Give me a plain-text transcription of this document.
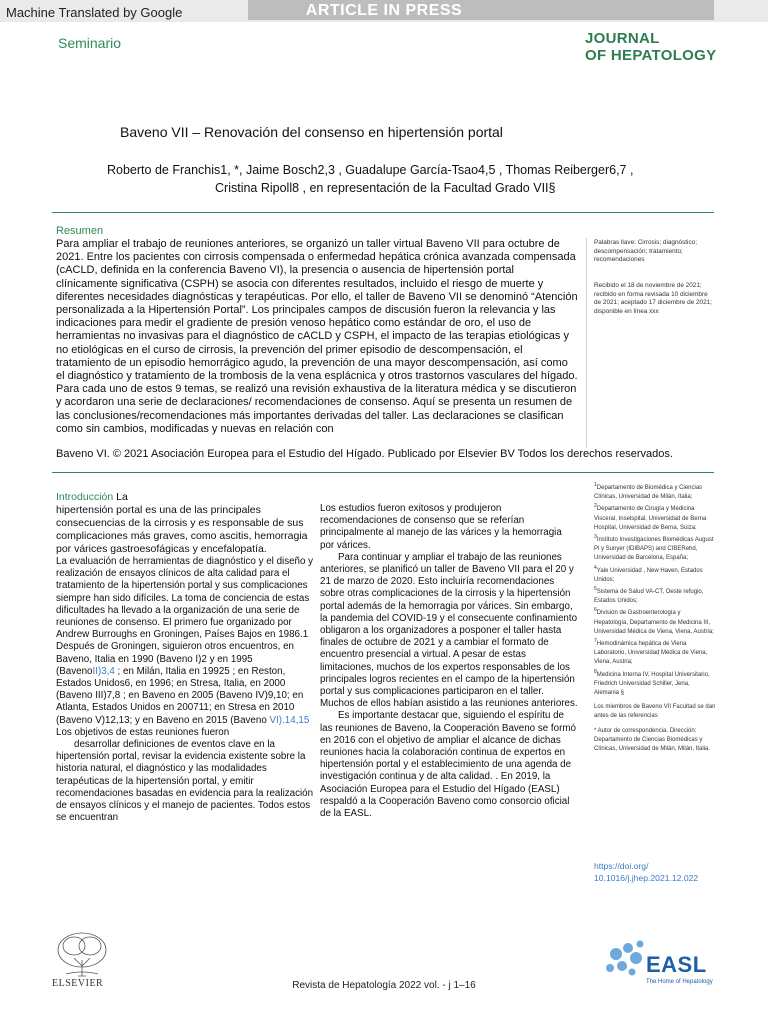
ARTICLE IN PRESS
Machine Translated by Google
Seminario	JOURNAL
OF HEPATOLOGY
Baveno VII – Renovación del consenso en hipertensión portal
Roberto de Franchis1, *, Jaime Bosch2,3 , Guadalupe García-Tsao4,5 , Thomas Reiberger6,7 ,
Cristina Ripoll8 , en representación de la Facultad Grado VII§
Resumen
Para ampliar el trabajo de reuniones anteriores, se organizó un taller virtual Baveno VII para octubre de 2021. Entre los pacientes con cirrosis compensada o enfermedad hepática crónica avanzada compensada (cACLD, definida en la conferencia Baveno VI), la presencia o ausencia de hipertensión portal clínicamente significativa (CSPH) se asocia con diferentes resultados, incluido el riesgo de muerte y diferentes necesidades diagnósticas y terapéuticas. Por ello, el taller de Baveno VII se denominó “Atención personalizada a la Hipertensión Portal”. Los principales campos de discusión fueron la relevancia y las indicaciones para medir el gradiente de presión venoso hepático como estándar de oro, el uso de herramientas no invasivas para el diagnóstico de cACLD y CSPH, el impacto de las terapias etiológicas y no etiológicas en el curso de cirrosis, la prevención del primer episodio de descompensación, el tratamiento de un episodio hemorrágico agudo, la prevención de una mayor descompensación, así como el diagnóstico y tratamiento de la trombosis de la vena esplácnica y otros trastornos vasculares del hígado. Para cada uno de estos 9 temas, se realizó una revisión exhaustiva de la literatura médica y se discutieron y acordaron una serie de declaraciones/ recomendaciones de consenso. Aquí se presenta un resumen de las conclusiones/recomendaciones más importantes derivadas del taller. Las declaraciones se clasifican como sin cambios, modificadas y nuevas en relación con
Baveno VI. © 2021 Asociación Europea para el Estudio del Hígado. Publicado por Elsevier BV Todos los derechos reservados.
Palabras llave: Cirrosis; diagnóstico; descompensación; tratamiento; recomendaciones
Recibido el 18 de noviembre de 2021; recibido en forma revisada 10 diciembre de 2021; aceptado 17 diciembre de 2021; disponible en línea xxx

Introducción La
hipertensión portal es una de las principales consecuencias de la cirrosis y es responsable de sus complicaciones más graves, como ascitis, hemorragia por várices gastroesofágicas y encefalopatía.

La evaluación de herramientas de diagnóstico y el diseño y realización de ensayos clínicos de alta calidad para el tratamiento de la hipertensión portal y sus complicaciones siempre han sido difíciles. La toma de conciencia de estas dificultades ha llevado a la organización de una serie de reuniones de consenso. El primero fue organizado por Andrew Burroughs en Groningen, Países Bajos en 1986.1 Después de Groningen, siguieron otros encuentros, en Baveno, Italia en 1990 (Baveno I)2 y en 1995 (BavenoII)3,4 ; en Milán, Italia en 19925 ; en Reston, Estados Unidos6, en 1996; en Stresa, Italia, en 2000 (Baveno III)7,8 ; en Baveno en 2005 (Baveno IV)9,10; en Atlanta, Estados Unidos en 200711; en Stresa en 2010 (Baveno V)12,13; y en Baveno en 2015 (Baveno VI).14,15 Los objetivos de estas reuniones fueron

desarrollar definiciones de eventos clave en la hipertensión portal, revisar la evidencia existente sobre la historia natural, el diagnóstico y las modalidades terapéuticas de la hipertensión portal, y emitir recomendaciones basadas en evidencia para la realización de ensayos clínicos y el manejo de pacientes. Todos estos se encuentran

Los estudios fueron exitosos y produjeron recomendaciones de consenso que se referían principalmente al manejo de las várices y la hemorragia por várices.

Para continuar y ampliar el trabajo de las reuniones anteriores, se planificó un taller de Baveno VII para el 20 y 21 de marzo de 2020. Esto incluiría recomendaciones sobre otras complicaciones de la cirrosis y la hipertensión portal además de la hemorragia por várices. Sin embargo, la pandemia del COVID-19 y el consecuente confinamiento obligaron a los organizadores a posponer el taller hasta finales de octubre de 2021 y a cambiar el formato de encuentro presencial a virtual. A pesar de estas limitaciones, muchos de los expertos responsables de los principales logros recientes en el campo de la hipertensión portal y sus complicaciones participaron en el taller.

Muchos de ellos habían asistido a las reuniones anteriores.

Es importante destacar que, siguiendo el espíritu de las reuniones de Baveno, la Cooperación Baveno se formó en 2016 con el objetivo de ampliar el alcance de dichas reuniones hacia la colaboración continua de expertos en hipertensión portal y el establecimiento de una agenda de investigación continua y de alta calidad. . En 2019, la Asociación Europea para el Estudio del Hígado (EASL) respaldó a la Cooperación Baveno como consorcio oficial de la EASL.

$^1$Departamento de Biomédica y Ciencias Clínicas, Universidad de Milán, Italia;
$^2$Departamento de Cirugía y Medicina Visceral, Inselspital, Universidad de Berna Hospital, Universidad de Berna, Suiza;
$^3$Instituto Investigaciones Biomédicas August Pi y Sunyer (IDIBAPS) and CIBERehd, Universidad de Barcelona, España;
$^4$Yale Universidad , New Haven, Estados Unidos;
$^5$Sistema de Salud VA-CT, Oeste refugio, Estados Unidos;
$^6$División de Gastroenterología y Hepatología, Departamento de Medicina III, Universidad Médica de Viena, Viena, Austria;
$^7$Hemodinámica hepática de Viena Laboratorio, Universidad Médica de Viena, Viena, Austria;
$^8$Medicina Interna IV, Hospital Universitario, Friedrich Universidad Schiller, Jena, Alemania §
Los miembros de Baveno VII Facultad se dan antes de las referencias
* Autor de correspondencia. Dirección: Departamento de Ciencias Biomédicas y Clínicas, Universidad de Milán, Milán, Italia.
https://doi.org/
10.1016/j.jhep.2021.12.022
ELSEVIER	Revista de Hepatología 2022 vol. - j 1–16
EASL
The Home of Hepatology
